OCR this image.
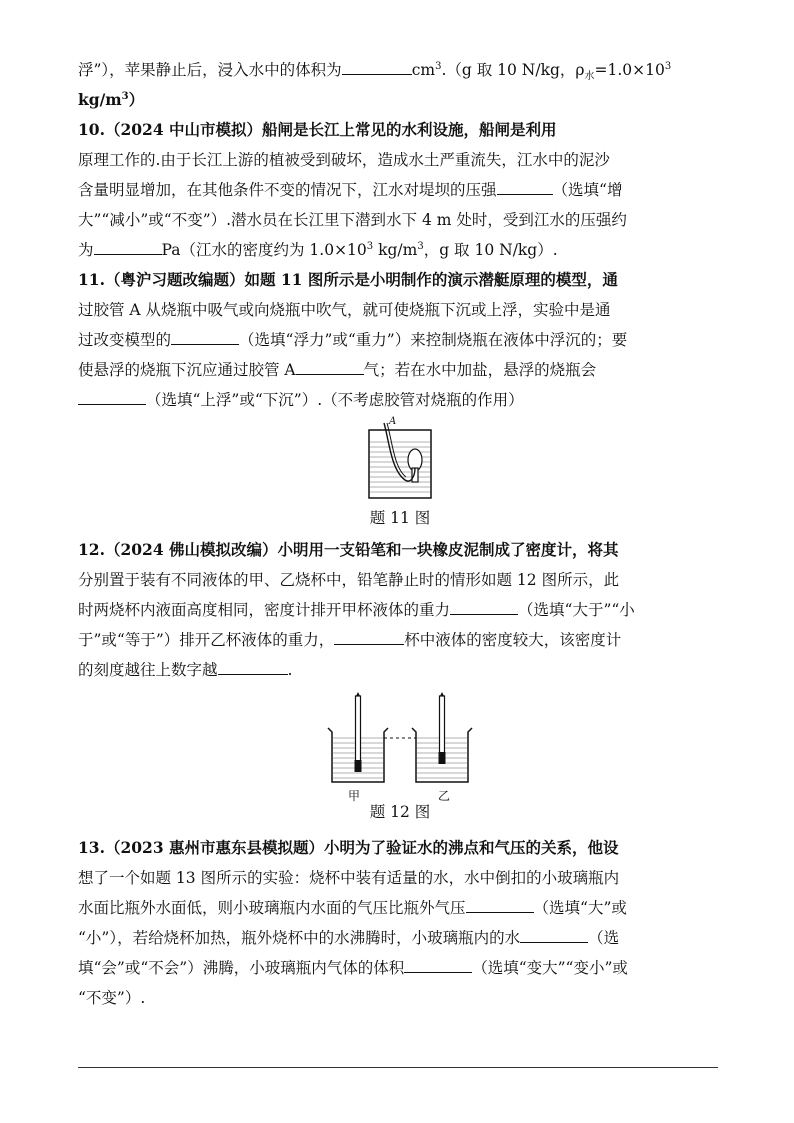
浮”），苹果静止后，浸入水中的体积为	$cm^3.(g$ 取 10 N/kg，$\rho_水=1.0\times 10^3$

$kg/m^3$）

10.（2024 中山市模拟）船闸是长江上常见的水利设施，船闸是利用

原理工作的.由于长江上游的植被受到破坏，造成水土严重流失，江水中的泥沙

含量明显增加，在其他条件不变的情况下，江水对堤坝的压强	（选填“增

大”“减小”或“不变”）.潜水员在长江里下潜到水下 4 m 处时，受到江水的压强约

为	Pa（江水的密度约为 $1.0\times 10^3$ $kg/m^3$，g 取 10 N/kg）.

11.（粤沪习题改编题）如题 11 图所示是小明制作的演示潜艇原理的模型，通

过胶管 A 从烧瓶中吸气或向烧瓶中吹气，就可使烧瓶下沉或上浮，实验中是通

过改变模型的	（选填“浮力”或“重力”）来控制烧瓶在液体中浮沉的；要

使悬浮的烧瓶下沉应通过胶管 A	气；若在水中加盐，悬浮的烧瓶会

（选填“上浮”或“下沉”）.（不考虑胶管对烧瓶的作用）

A
题 11 图

12.（2024 佛山模拟改编）小明用一支铅笔和一块橡皮泥制成了密度计，将其

分别置于装有不同液体的甲、乙烧杯中，铅笔静止时的情形如题 12 图所示，此

时两烧杯内液面高度相同，密度计排开甲杯液体的重力	（选填“大于”“小

于”或“等于”）排开乙杯液体的重力，	杯中液体的密度较大，该密度计

的刻度越往上数字越	.

甲	乙
题 12 图

13.（2023 惠州市惠东县模拟题）小明为了验证水的沸点和气压的关系，他设

想了一个如题 13 图所示的实验：烧杯中装有适量的水，水中倒扣的小玻璃瓶内

水面比瓶外水面低，则小玻璃瓶内水面的气压比瓶外气压	（选填“大”或

“小”），若给烧杯加热，瓶外烧杯中的水沸腾时，小玻璃瓶内的水	（选

填“会”或“不会”）沸腾，小玻璃瓶内气体的体积	（选填“变大”“变小”或

“不变”）.
